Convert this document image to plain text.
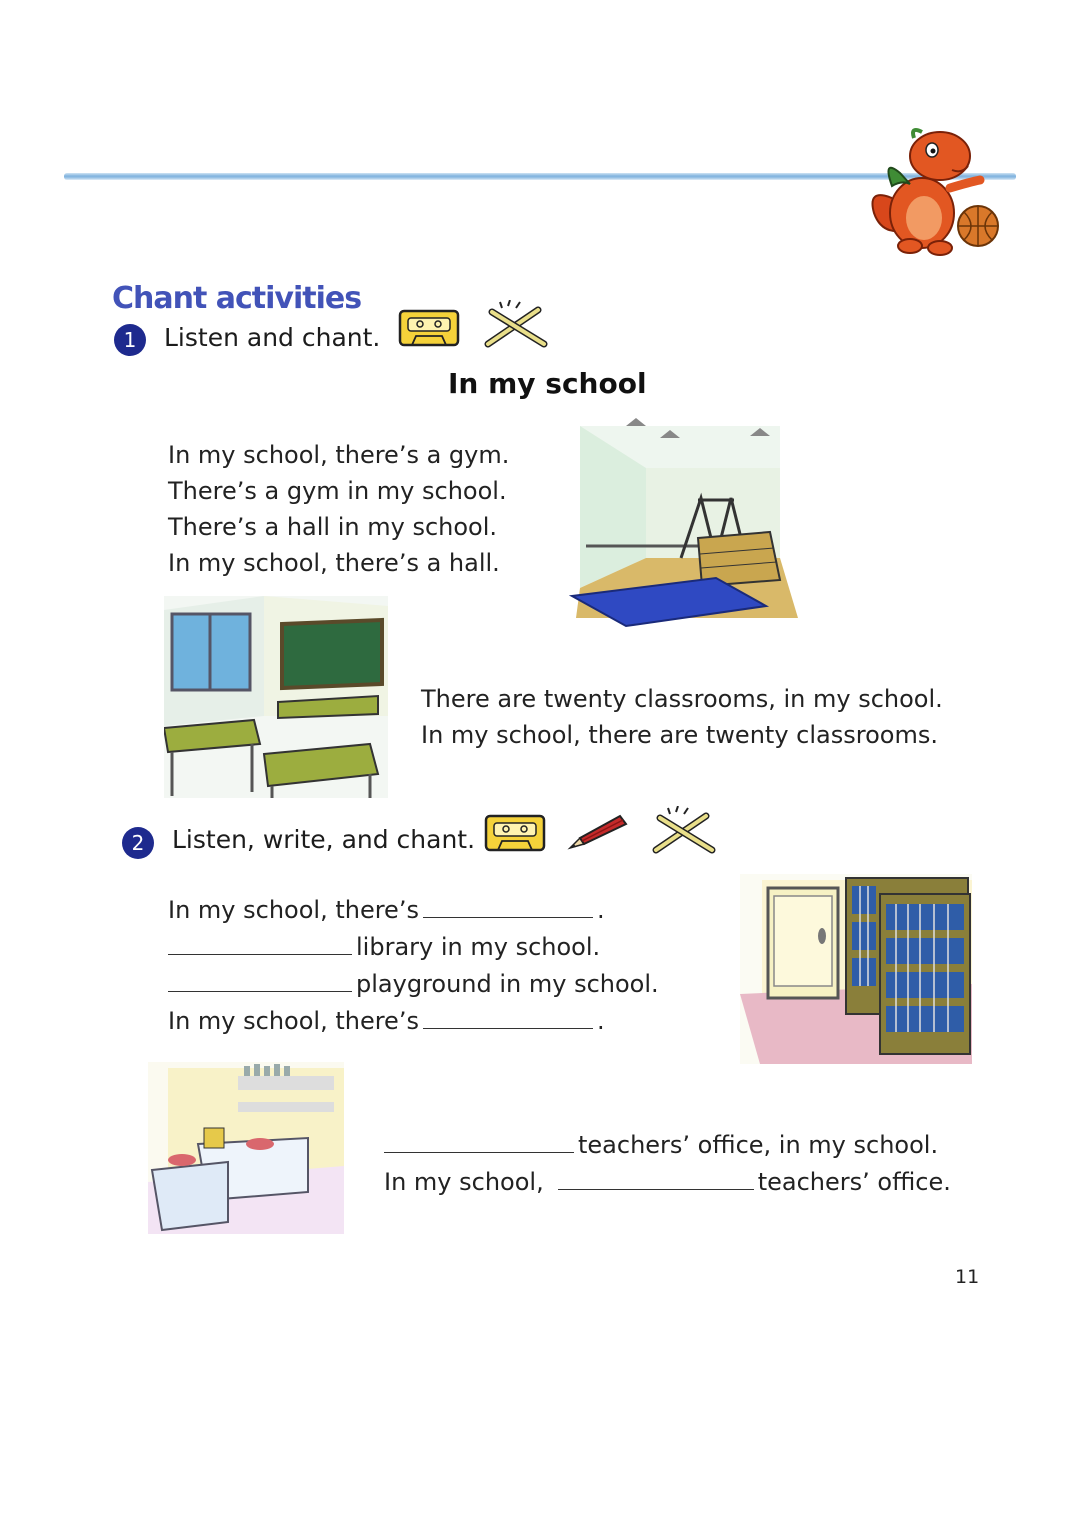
Chant activities
1	Listen and chant.
In my school
In my school, there’s a gym.
There’s a gym in my school.
There’s a hall in my school.
In my school, there’s a hall.
There are twenty classrooms, in my school.
In my school, there are twenty classrooms.
2	Listen, write, and chant.
In my school, there’s	.
library in my school.
playground in my school.
In my school, there’s	.
teachers’ office, in my school.
In my school,	teachers’ office.
11
